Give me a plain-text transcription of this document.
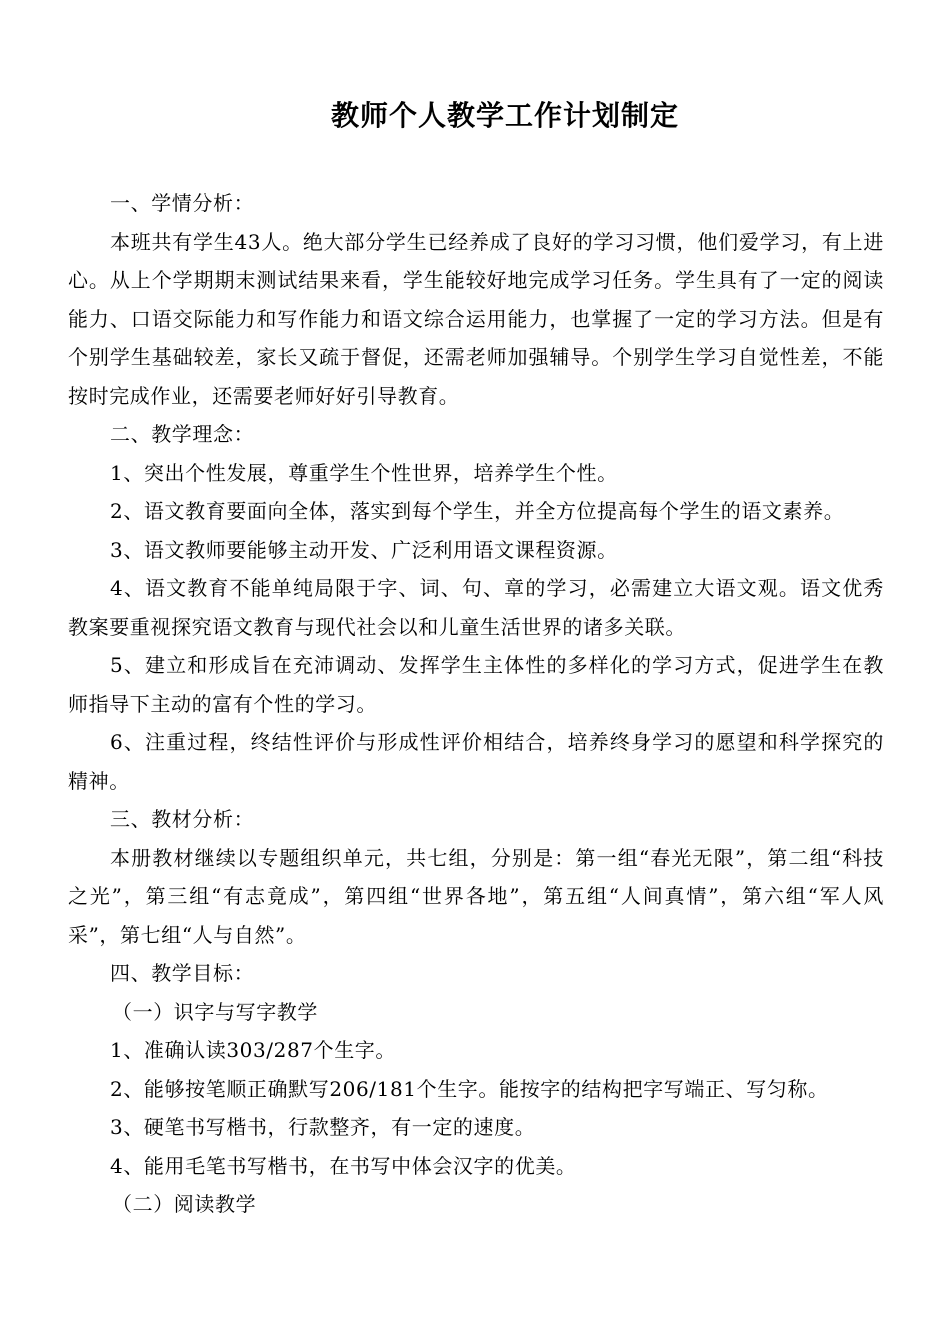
教师个人教学工作计划制定

一、学情分析：

本班共有学生43人。绝大部分学生已经养成了良好的学习习惯，他们爱学习，有上进心。从上个学期期末测试结果来看，学生能较好地完成学习任务。学生具有了一定的阅读能力、口语交际能力和写作能力和语文综合运用能力，也掌握了一定的学习方法。但是有个别学生基础较差，家长又疏于督促，还需老师加强辅导。个别学生学习自觉性差，不能按时完成作业，还需要老师好好引导教育。

二、教学理念：

1、突出个性发展，尊重学生个性世界，培养学生个性。

2、语文教育要面向全体，落实到每个学生，并全方位提高每个学生的语文素养。

3、语文教师要能够主动开发、广泛利用语文课程资源。

4、语文教育不能单纯局限于字、词、句、章的学习，必需建立大语文观。语文优秀教案要重视探究语文教育与现代社会以和儿童生活世界的诸多关联。

5、建立和形成旨在充沛调动、发挥学生主体性的多样化的学习方式，促进学生在教师指导下主动的富有个性的学习。

6、注重过程，终结性评价与形成性评价相结合，培养终身学习的愿望和科学探究的精神。

三、教材分析：

本册教材继续以专题组织单元，共七组，分别是：第一组“春光无限”，第二组“科技之光”，第三组“有志竟成”，第四组“世界各地”，第五组“人间真情”，第六组“军人风采”，第七组“人与自然”。

四、教学目标：

（一）识字与写字教学

1、准确认读303/287个生字。

2、能够按笔顺正确默写206/181个生字。能按字的结构把字写端正、写匀称。

3、硬笔书写楷书，行款整齐，有一定的速度。

4、能用毛笔书写楷书，在书写中体会汉字的优美。

（二）阅读教学
